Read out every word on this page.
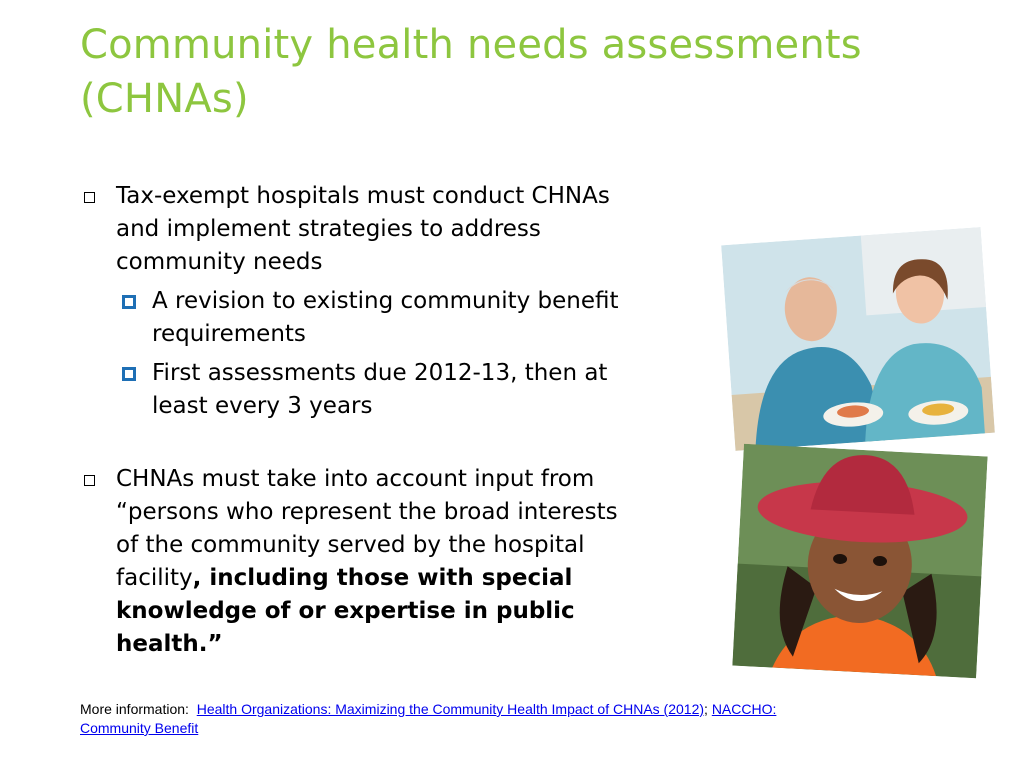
Community health needs assessments
(CHNAs)
Tax-exempt hospitals must conduct CHNAs
and implement strategies to address
community needs
A revision to existing community benefit
requirements
First assessments due 2012-13, then at
least every 3 years
CHNAs must take into account input from
“persons who represent the broad interests
of the community served by the hospital
facility, including those with special
knowledge of or expertise in public
health.”
More information: Health Organizations: Maximizing the Community Health Impact of CHNAs (2012); NACCHO:
Community Benefit
